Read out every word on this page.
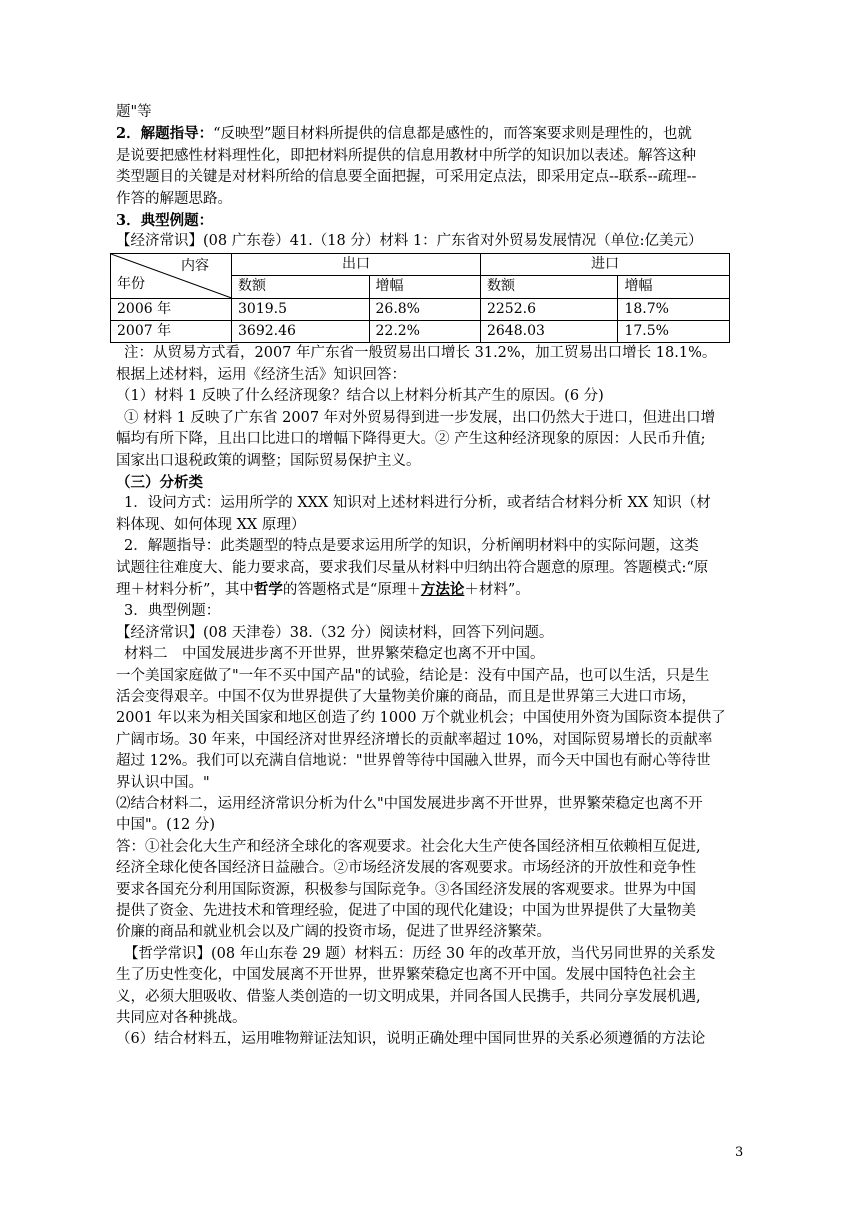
题"等

2．解题指导：“反映型”题目材料所提供的信息都是感性的，而答案要求则是理性的，也就

是说要把感性材料理性化，即把材料所提供的信息用教材中所学的知识加以表述。解答这种

类型题目的关键是对材料所给的信息要全面把握，可采用定点法，即采用定点--联系--疏理--

作答的解题思路。

3．典型例题：

【经济常识】(08 广东卷）41.（18 分）材料 1：广东省对外贸易发展情况（单位:亿美元）

内容
年份	出口		进口	
	数额	增幅	数额	增幅
2006 年	3019.5	26.8%	2252.6	18.7%
2007 年	3692.46	22.2%	2648.03	17.5%

注：从贸易方式看，2007 年广东省一般贸易出口增长 31.2%，加工贸易出口增长 18.1%。

根据上述材料，运用《经济生活》知识回答：

（1）材料 1 反映了什么经济现象？结合以上材料分析其产生的原因。(6 分)

① 材料 1 反映了广东省 2007 年对外贸易得到进一步发展，出口仍然大于进口，但进出口增

幅均有所下降，且出口比进口的增幅下降得更大。② 产生这种经济现象的原因：人民币升值;

国家出口退税政策的调整；国际贸易保护主义。

（三）分析类

1．设问方式：运用所学的 XXX 知识对上述材料进行分析，或者结合材料分析 XX 知识（材

料体现、如何体现 XX 原理）

2．解题指导：此类题型的特点是要求运用所学的知识，分析阐明材料中的实际问题，这类

试题往往难度大、能力要求高，要求我们尽量从材料中归纳出符合题意的原理。答题模式:“原

理＋材料分析”，其中哲学的答题格式是“原理＋方法论＋材料”。

3．典型例题：

【经济常识】(08 天津卷）38.（32 分）阅读材料，回答下列问题。

材料二　中国发展进步离不开世界，世界繁荣稳定也离不开中国。

一个美国家庭做了"一年不买中国产品"的试验，结论是：没有中国产品，也可以生活，只是生

活会变得艰辛。中国不仅为世界提供了大量物美价廉的商品，而且是世界第三大进口市场，

2001 年以来为相关国家和地区创造了约 1000 万个就业机会；中国使用外资为国际资本提供了

广阔市场。30 年来，中国经济对世界经济增长的贡献率超过 10%，对国际贸易增长的贡献率

超过 12%。我们可以充满自信地说："世界曾等待中国融入世界，而今天中国也有耐心等待世

界认识中国。"

⑵结合材料二，运用经济常识分析为什么"中国发展进步离不开世界，世界繁荣稳定也离不开

中国"。(12 分)

答：①社会化大生产和经济全球化的客观要求。社会化大生产使各国经济相互依赖相互促进,

经济全球化使各国经济日益融合。②市场经济发展的客观要求。市场经济的开放性和竞争性

要求各国充分利用国际资源，积极参与国际竞争。③各国经济发展的客观要求。世界为中国

提供了资金、先进技术和管理经验，促进了中国的现代化建设；中国为世界提供了大量物美

价廉的商品和就业机会以及广阔的投资市场，促进了世界经济繁荣。

【哲学常识】(08 年山东卷 29 题）材料五：历经 30 年的改革开放，当代另同世界的关系发

生了历史性变化，中国发展离不开世界，世界繁荣稳定也离不开中国。发展中国特色社会主

义，必须大胆吸收、借鉴人类创造的一切文明成果，并同各国人民携手，共同分享发展机遇,

共同应对各种挑战。

（6）结合材料五，运用唯物辩证法知识，说明正确处理中国同世界的关系必须遵循的方法论

3
